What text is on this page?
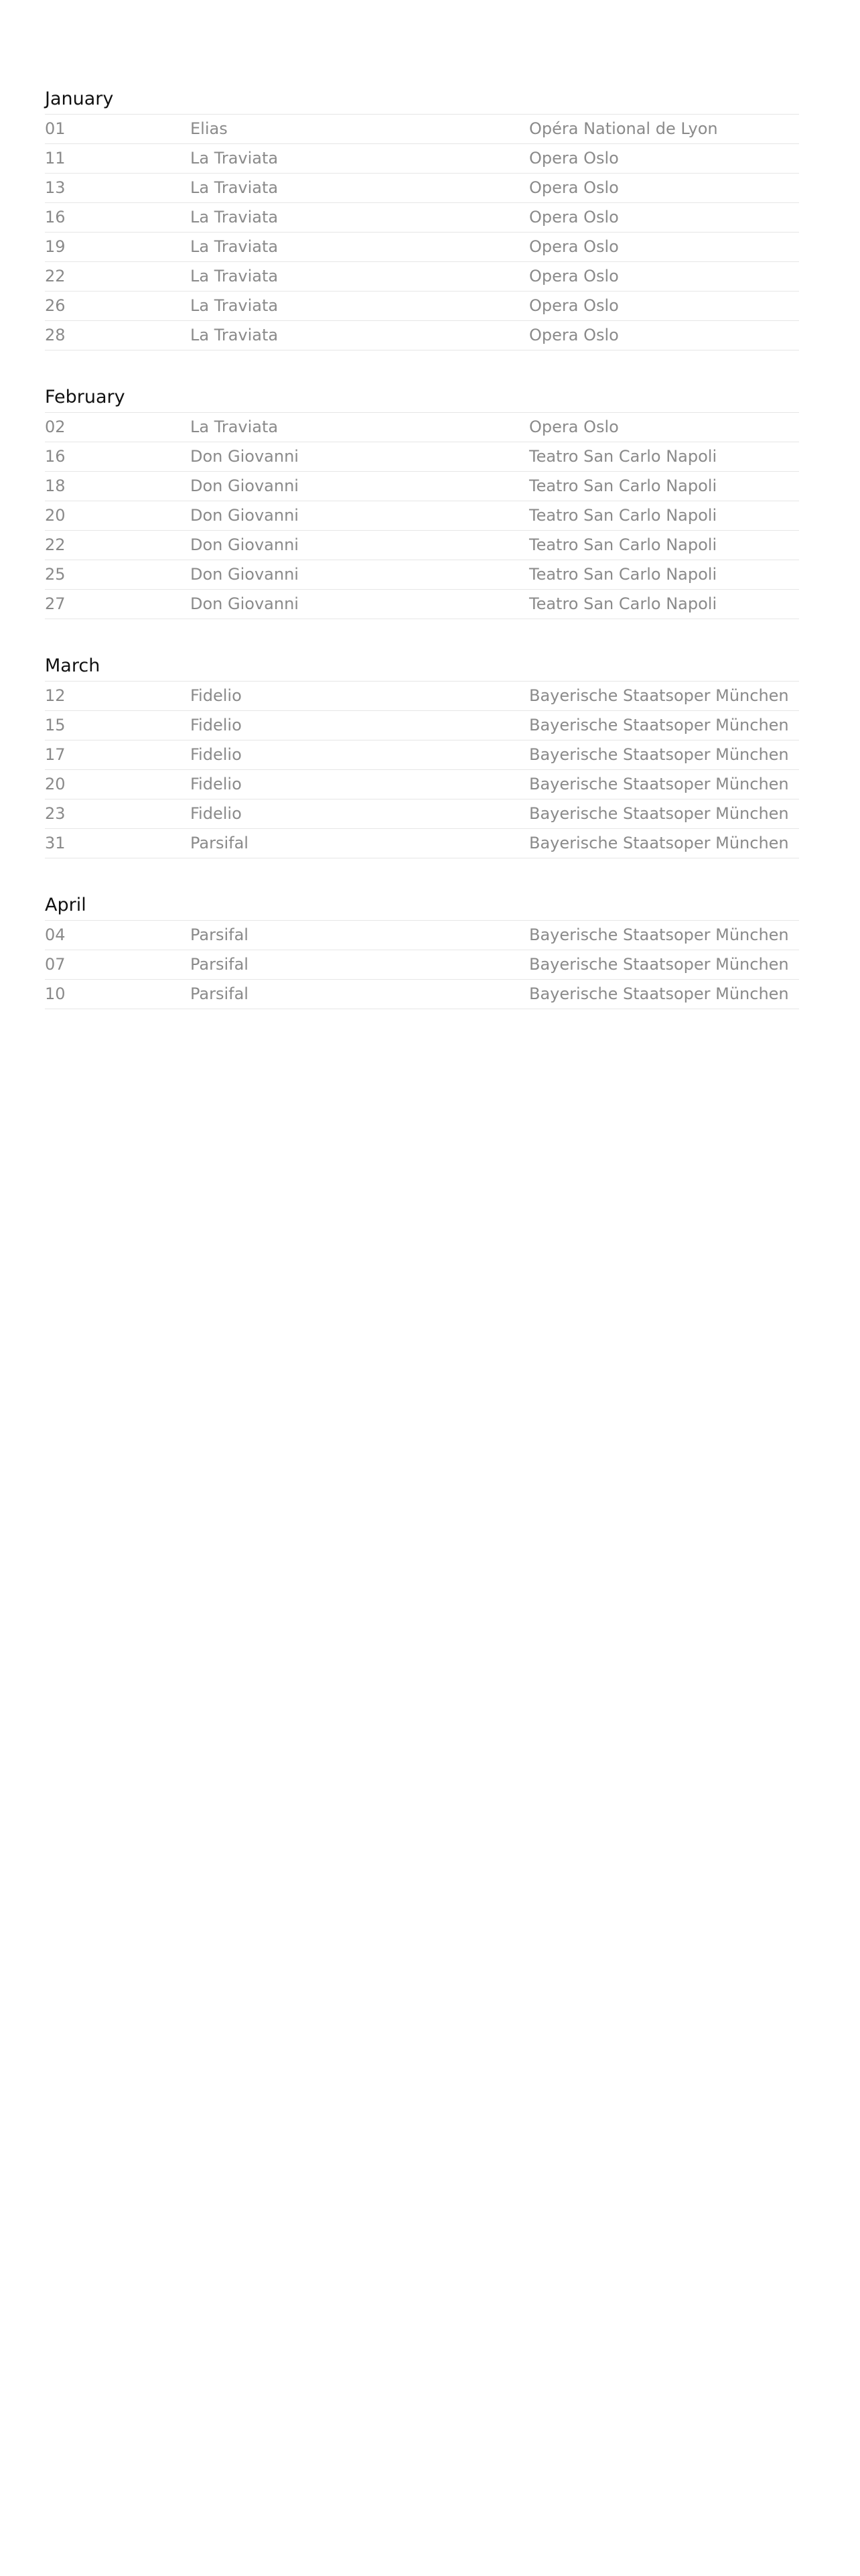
January
01	Elias	Opéra National de Lyon
11	La Traviata	Opera Oslo
13	La Traviata	Opera Oslo
16	La Traviata	Opera Oslo
19	La Traviata	Opera Oslo
22	La Traviata	Opera Oslo
26	La Traviata	Opera Oslo
28	La Traviata	Opera Oslo
February
02	La Traviata	Opera Oslo
16	Don Giovanni	Teatro San Carlo Napoli
18	Don Giovanni	Teatro San Carlo Napoli
20	Don Giovanni	Teatro San Carlo Napoli
22	Don Giovanni	Teatro San Carlo Napoli
25	Don Giovanni	Teatro San Carlo Napoli
27	Don Giovanni	Teatro San Carlo Napoli
March
12	Fidelio	Bayerische Staatsoper München
15	Fidelio	Bayerische Staatsoper München
17	Fidelio	Bayerische Staatsoper München
20	Fidelio	Bayerische Staatsoper München
23	Fidelio	Bayerische Staatsoper München
31	Parsifal	Bayerische Staatsoper München
April
04	Parsifal	Bayerische Staatsoper München
07	Parsifal	Bayerische Staatsoper München
10	Parsifal	Bayerische Staatsoper München
